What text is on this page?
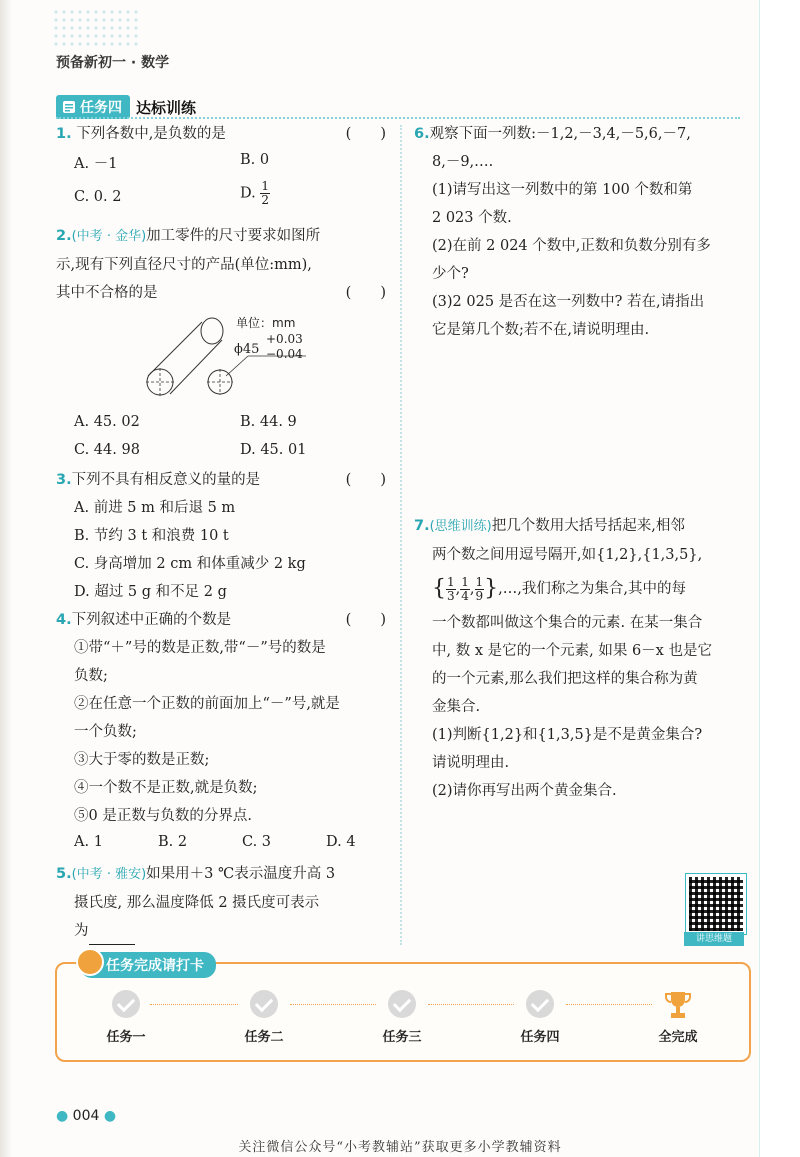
预备新初一 · 数学
任务四 达标训练
1. 下列各数中,是负数的是	(　　)
A. －1	B. 0
C. 0. 2	D. $\frac{1}{2}$
2.(中考 · 金华)加工零件的尺寸要求如图所
示,现有下列直径尺寸的产品(单位:mm),
其中不合格的是	(　　)
单位：mm
ϕ45
+0.03
−0.04
A. 45. 02	B. 44. 9
C. 44. 98	D. 45. 01
3.下列不具有相反意义的量的是	(　　)
A. 前进 5 m 和后退 5 m
B. 节约 3 t 和浪费 10 t
C. 身高增加 2 cm 和体重减少 2 kg
D. 超过 5 g 和不足 2 g
4.下列叙述中正确的个数是	(　　)
①带“＋”号的数是正数,带“－”号的数是
负数;
②在任意一个正数的前面加上“－”号,就是
一个负数;
③大于零的数是正数;
④一个数不是正数,就是负数;
⑤0 是正数与负数的分界点.
A. 1	B. 2	C. 3	D. 4
5.(中考 · 雅安)如果用＋3 ℃表示温度升高 3
摄氏度, 那么温度降低 2 摄氏度可表示
为
6.观察下面一列数:－1,2,－3,4,－5,6,－7,
8,－9,….
(1)请写出这一列数中的第 100 个数和第
2 023 个数.
(2)在前 2 024 个数中,正数和负数分别有多
少个?
(3)2 025 是否在这一列数中? 若在,请指出
它是第几个数;若不在,请说明理由.
7.(思维训练)把几个数用大括号括起来,相邻
两个数之间用逗号隔开,如{1,2},{1,3,5},
{ $\frac{1}{3}$ , $\frac{1}{4}$ , $\frac{1}{9}$ } ,…,我们称之为集合,其中的每
一个数都叫做这个集合的元素. 在某一集合
中, 数 x 是它的一个元素, 如果 6－x 也是它
的一个元素,那么我们把这样的集合称为黄
金集合.
(1)判断{1,2}和{1,3,5}是不是黄金集合?
请说明理由.
(2)请你再写出两个黄金集合.
讲思维题
任务完成请打卡
任务一	任务二	任务三	任务四	全完成
● 004 ●
关注微信公众号“小考教辅站”获取更多小学教辅资料
